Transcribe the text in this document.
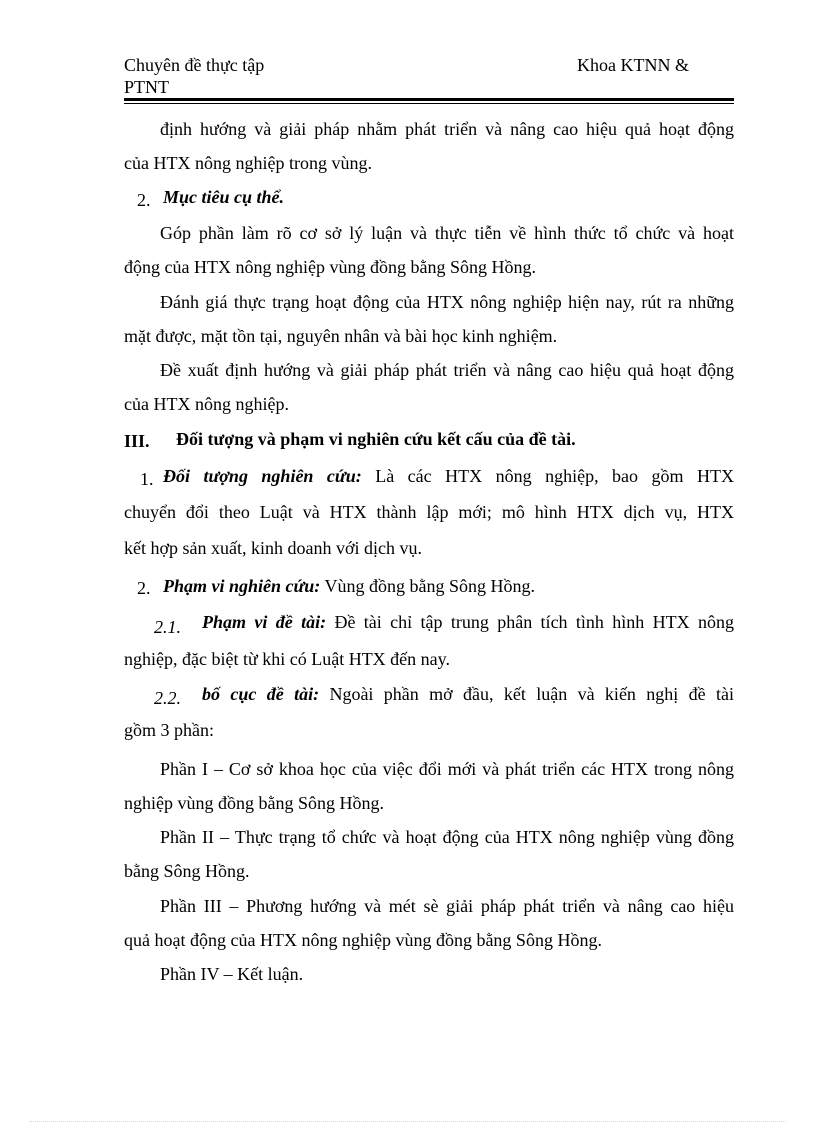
Chuyên đề thực tập
PTNT
Khoa KTNN &
định hướng và giải pháp nhằm phát triển và nâng cao hiệu quả hoạt động
của HTX nông nghiệp trong vùng.
2. Mục tiêu cụ thể.
Góp phần làm rõ cơ sở lý luận và thực tiễn về hình thức tổ chức và hoạt
động của HTX nông nghiệp vùng đồng bằng Sông Hồng.
Đánh giá thực trạng hoạt động của HTX nông nghiệp hiện nay, rút ra những
mặt được, mặt tồn tại, nguyên nhân và bài học kinh nghiệm.
Đề xuất định hướng và giải pháp phát triển và nâng cao hiệu quả hoạt động
của HTX nông nghiệp.
III. Đối tượng và phạm vi nghiên cứu kết cấu của đề tài.
1. Đối tượng nghiên cứu: Là các HTX nông nghiệp, bao gồm HTX
chuyển đổi theo Luật và HTX thành lập mới; mô hình HTX dịch vụ, HTX
kết hợp sản xuất, kinh doanh với dịch vụ.
2. Phạm vi nghiên cứu: Vùng đồng bằng Sông Hồng.
2.1. Phạm vi đề tài: Đề tài chỉ tập trung phân tích tình hình HTX nông
nghiệp, đặc biệt từ khi có Luật HTX đến nay.
2.2. bố cục đề tài: Ngoài phần mở đầu, kết luận và kiến nghị đề tài
gồm 3 phần:
Phần I – Cơ sở khoa học của việc đổi mới và phát triển các HTX trong nông
nghiệp vùng đồng bằng Sông Hồng.
Phần II – Thực trạng tổ chức và hoạt động của HTX nông nghiệp vùng đồng
bằng Sông Hồng.
Phần III – Phương hướng và mét sè giải pháp phát triển và nâng cao hiệu
quả hoạt động của HTX nông nghiệp vùng đồng bằng Sông Hồng.
Phần IV – Kết luận.
